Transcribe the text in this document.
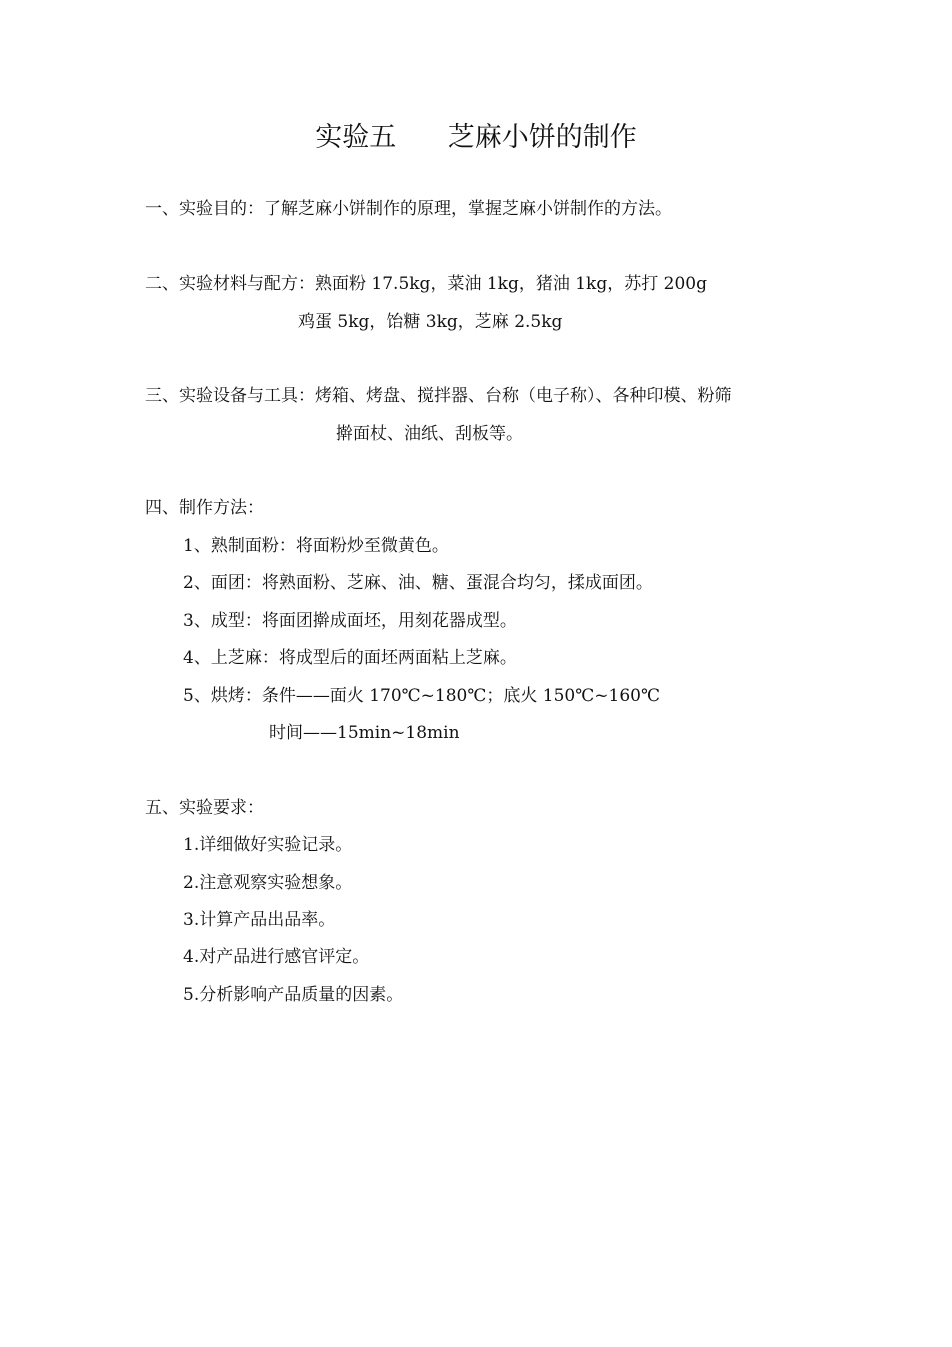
实验五      芝麻小饼的制作
一、实验目的：了解芝麻小饼制作的原理，掌握芝麻小饼制作的方法。
二、实验材料与配方：熟面粉 17.5kg，菜油 1kg，猪油 1kg，苏打 200g
鸡蛋 5kg，饴糖 3kg，芝麻 2.5kg
三、实验设备与工具：烤箱、烤盘、搅拌器、台称（电子称）、各种印模、粉筛
擀面杖、油纸、刮板等。
四、制作方法：
1、熟制面粉：将面粉炒至微黄色。
2、面团：将熟面粉、芝麻、油、糖、蛋混合均匀，揉成面团。
3、成型：将面团擀成面坯，用刻花器成型。
4、上芝麻：将成型后的面坯两面粘上芝麻。
5、烘烤：条件——面火 170℃~180℃；底火 150℃~160℃
时间——15min~18min
五、实验要求：
1.详细做好实验记录。
2.注意观察实验想象。
3.计算产品出品率。
4.对产品进行感官评定。
5.分析影响产品质量的因素。
